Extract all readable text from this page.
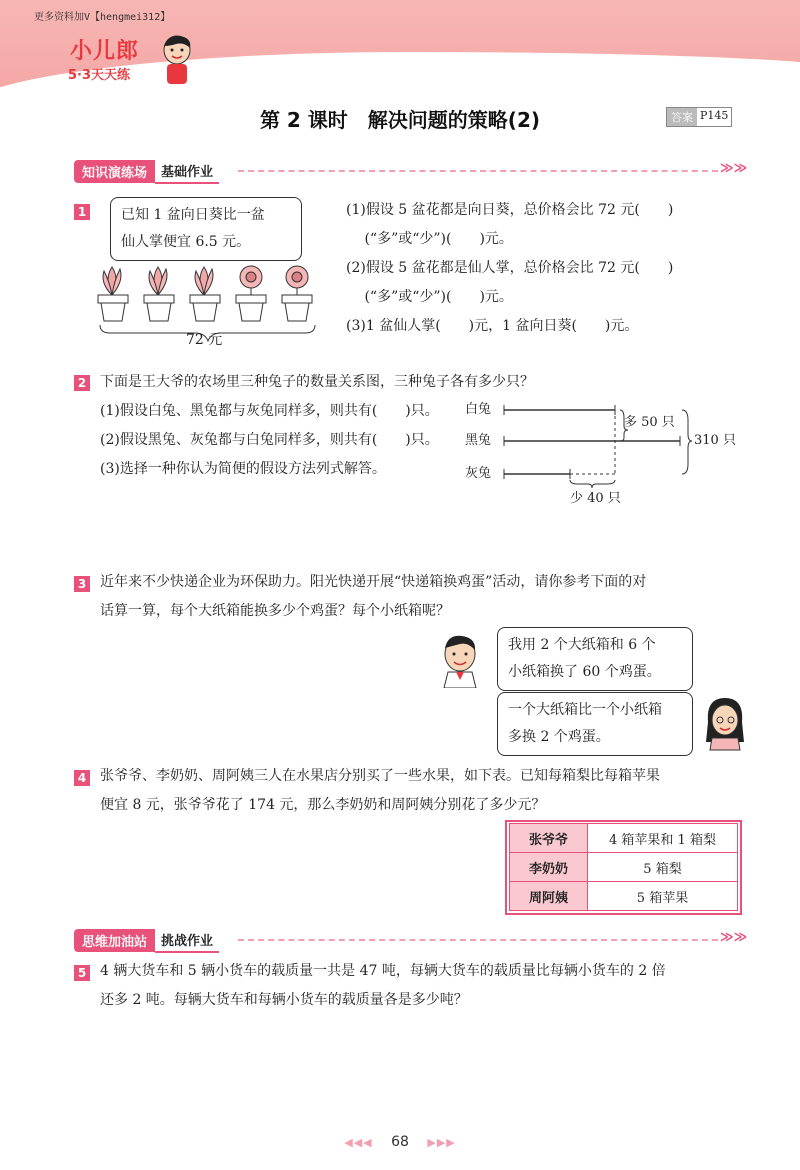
更多资料加V【hengmei312】
小儿郎
5·3天天练
第 2 课时　解决问题的策略(2)	答案 P145
知识演练场	基础作业	≫≫
1 已知 1 盆向日葵比一盆
仙人掌便宜 6.5 元。
72 元
(1)假设 5 盆花都是向日葵，总价格会比 72 元(　　)
　 (“多”或“少”)(　　)元。
(2)假设 5 盆花都是仙人掌，总价格会比 72 元(　　)
　 (“多”或“少”)(　　)元。
(3)1 盆仙人掌(　　)元，1 盆向日葵(　　)元。
2 下面是王大爷的农场里三种兔子的数量关系图，三种兔子各有多少只？
(1)假设白兔、黑兔都与灰兔同样多，则共有(　　)只。
(2)假设黑兔、灰兔都与白兔同样多，则共有(　　)只。
(3)选择一种你认为简便的假设方法列式解答。
白兔
黑兔
灰兔
多 50 只
少 40 只
310 只
3 近年来不少快递企业为环保助力。阳光快递开展“快递箱换鸡蛋”活动，请你参考下面的对
话算一算，每个大纸箱能换多少个鸡蛋？每个小纸箱呢？
我用 2 个大纸箱和 6 个
小纸箱换了 60 个鸡蛋。
一个大纸箱比一个小纸箱
多换 2 个鸡蛋。
4 张爷爷、李奶奶、周阿姨三人在水果店分别买了一些水果，如下表。已知每箱梨比每箱苹果
便宜 8 元，张爷爷花了 174 元，那么李奶奶和周阿姨分别花了多少元？
张爷爷	4 箱苹果和 1 箱梨
李奶奶	5 箱梨
周阿姨	5 箱苹果
思维加油站	挑战作业	≫≫
5 4 辆大货车和 5 辆小货车的载质量一共是 47 吨，每辆大货车的载质量比每辆小货车的 2 倍
还多 2 吨。每辆大货车和每辆小货车的载质量各是多少吨？
◀◀◀ 68 ▶▶▶
